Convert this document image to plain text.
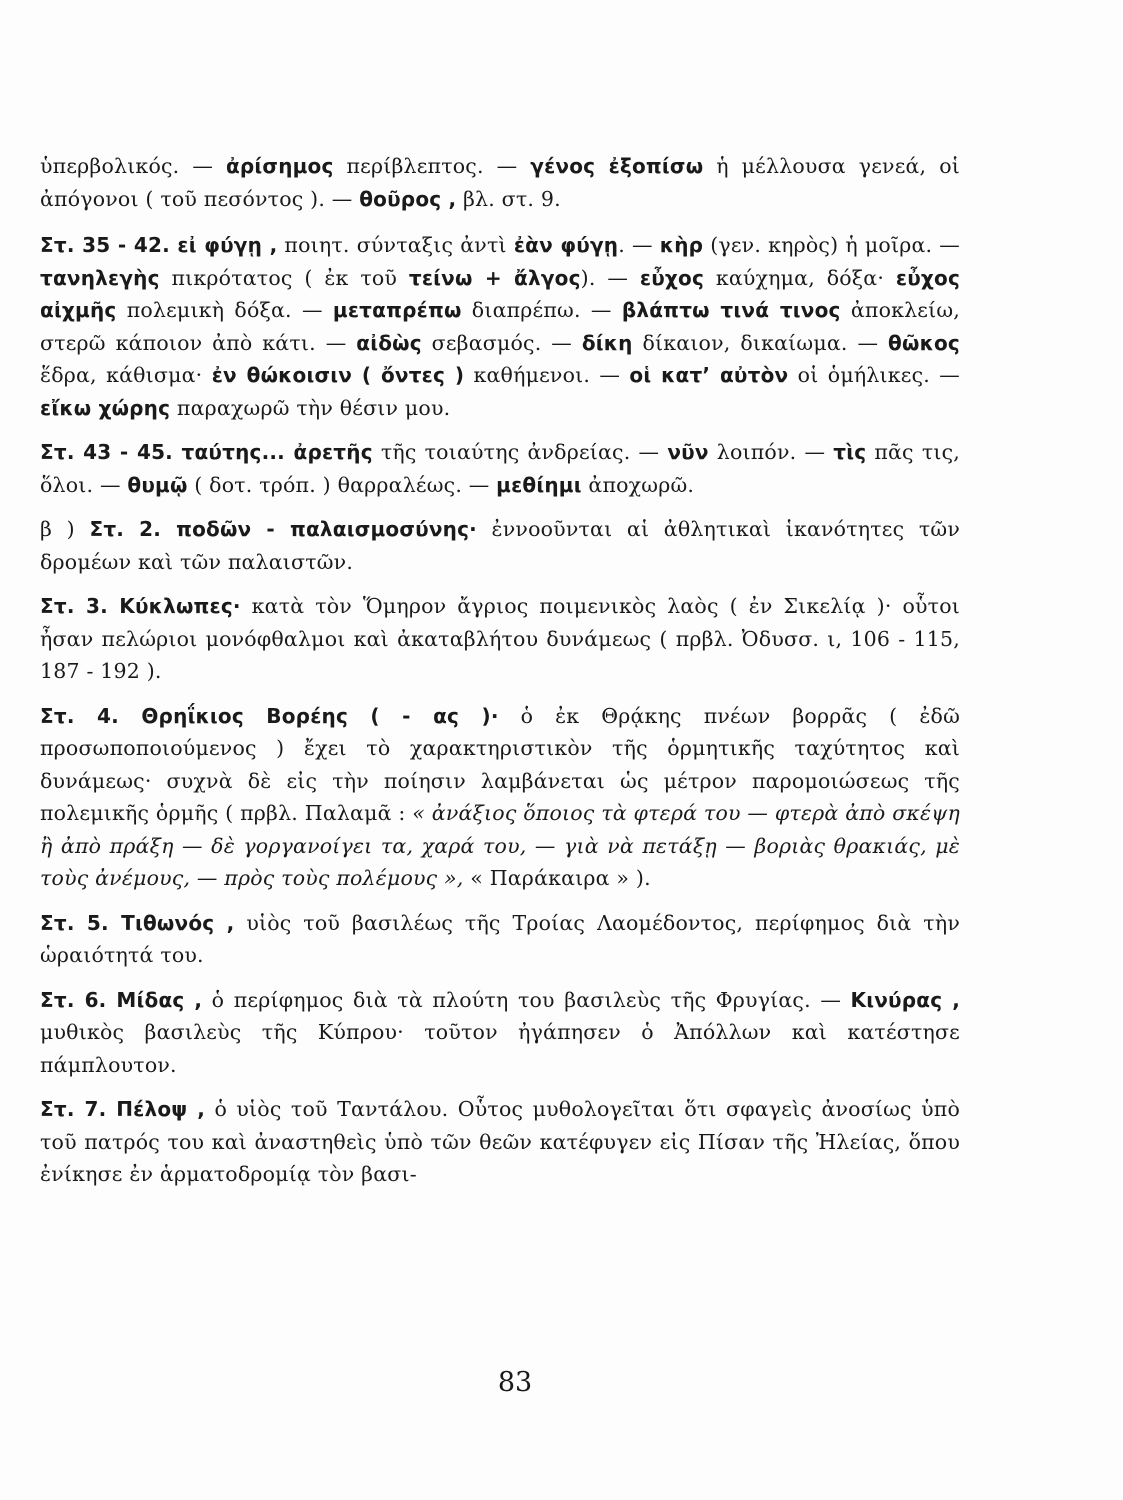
ὑπερβολικός. — ἀρίσημος περίβλεπτος. — γένος ἐξοπίσω ἡ μέλλουσα γενεά, οἱ ἀπόγονοι ( τοῦ πεσόντος ). — θοῦρος , βλ. στ. 9.

Στ. 35 - 42. εἰ φύγῃ , ποιητ. σύνταξις ἀντὶ ἐὰν φύγῃ. — κὴρ (γεν. κηρὸς) ἡ μοῖρα. — τανηλεγὴς πικρότατος ( ἐκ τοῦ τείνω + ἄλγος). — εὖχος καύχημα, δόξα· εὖχος αἰχμῆς πολεμικὴ δόξα. — μεταπρέπω διαπρέπω. — βλάπτω τινά τινος ἀποκλείω, στερῶ κάποιον ἀπὸ κάτι. — αἰδὼς σεβασμός. — δίκη δίκαιον, δικαίωμα. — θῶκος ἕδρα, κάθισμα· ἐν θώκοισιν ( ὄντες ) καθήμενοι. — οἱ κατ’ αὐτὸν οἱ ὁμήλικες. — εἴκω χώρης παραχωρῶ τὴν θέσιν μου.

Στ. 43 - 45. ταύτης... ἀρετῆς τῆς τοιαύτης ἀνδρείας. — νῦν λοιπόν. — τὶς πᾶς τις, ὅλοι. — θυμῷ ( δοτ. τρόπ. ) θαρραλέως. — μεθίημι ἀποχωρῶ.

β ) Στ. 2. ποδῶν - παλαισμοσύνης· ἐννοοῦνται αἱ ἀθλητικαὶ ἱκανότητες τῶν δρομέων καὶ τῶν παλαιστῶν.

Στ. 3. Κύκλωπες· κατὰ τὸν Ὅμηρον ἄγριος ποιμενικὸς λαὸς ( ἐν Σικελίᾳ )· οὗτοι ἦσαν πελώριοι μονόφθαλμοι καὶ ἀκαταβλήτου δυνάμεως ( πρβλ. Ὀδυσσ. ι, 106 - 115, 187 - 192 ).

Στ. 4. Θρηΐκιος Βορέης ( - ας )· ὁ ἐκ Θρᾴκης πνέων βορρᾶς ( ἐδῶ προσωποποιούμενος ) ἔχει τὸ χαρακτηριστικὸν τῆς ὁρμητικῆς ταχύτητος καὶ δυνάμεως· συχνὰ δὲ εἰς τὴν ποίησιν λαμβάνεται ὡς μέτρον παρομοιώσεως τῆς πολεμικῆς ὁρμῆς ( πρβλ. Παλαμᾶ : « ἀνάξιος ὅποιος τὰ φτερά του — φτερὰ ἀπὸ σκέψη ἢ ἀπὸ πράξη — δὲ γοργανοίγει τα, χαρά του, — γιὰ νὰ πετάξῃ — βοριὰς θρακιάς, μὲ τοὺς ἀνέμους, — πρὸς τοὺς πολέμους », « Παράκαιρα » ).

Στ. 5. Τιθωνός , υἱὸς τοῦ βασιλέως τῆς Τροίας Λαομέδοντος, περίφημος διὰ τὴν ὡραιότητά του.

Στ. 6. Μίδας , ὁ περίφημος διὰ τὰ πλούτη του βασιλεὺς τῆς Φρυγίας. — Κινύρας , μυθικὸς βασιλεὺς τῆς Κύπρου· τοῦτον ἠγάπησεν ὁ Ἀπόλλων καὶ κατέστησε πάμπλουτον.

Στ. 7. Πέλοψ , ὁ υἱὸς τοῦ Ταντάλου. Οὗτος μυθολογεῖται ὅτι σφαγεὶς ἀνοσίως ὑπὸ τοῦ πατρός του καὶ ἀναστηθεὶς ὑπὸ τῶν θεῶν κατέφυγεν εἰς Πίσαν τῆς Ἠλείας, ὅπου ἐνίκησε ἐν ἁρματοδρομίᾳ τὸν βασι-

83
